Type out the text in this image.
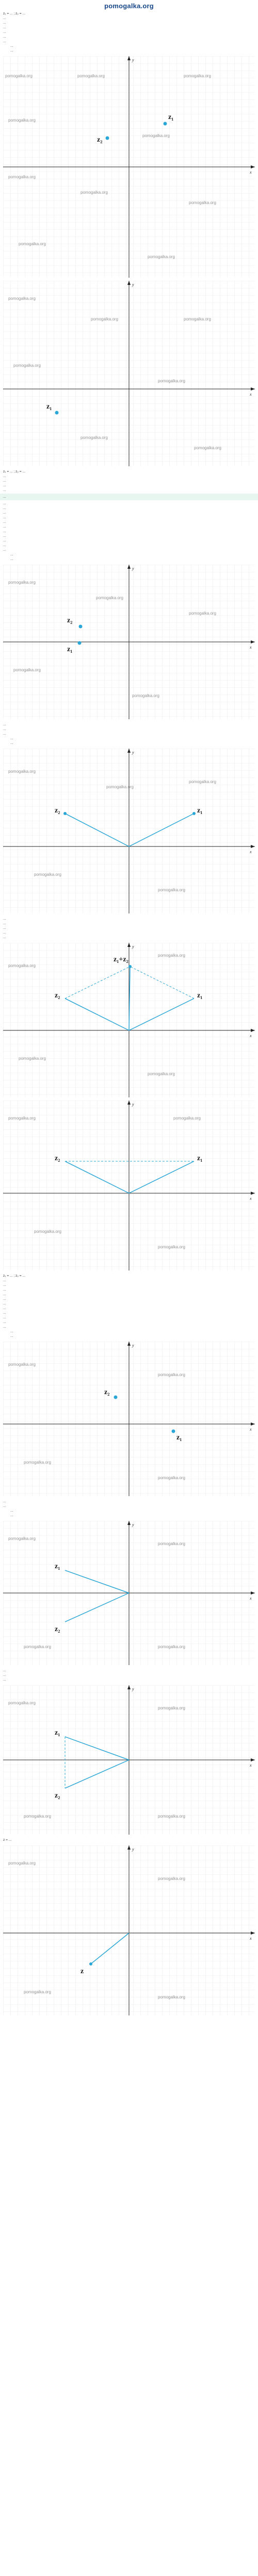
pomogalka.org

z₁ = ... ; z₂ = ...

...

...

...

...

...

...

...

...

x
y
z₂
z₁
pomogalka.org	pomogalka.org	pomogalka.org
pomogalka.org
pomogalka.org
pomogalka.org
pomogalka.org
pomogalka.org
pomogalka.org
pomogalka.org
x
y
z₁
pomogalka.org
pomogalka.org	pomogalka.org
pomogalka.org
pomogalka.org
pomogalka.org
pomogalka.org

z₁ = ... ; z₂ = ...

...

...

...

...

...

...

...

...

...

...

...

...

...

...

...

...

...

...

x
y
z₂
z₁
pomogalka.org
pomogalka.org
pomogalka.org
pomogalka.org
pomogalka.org

...

...

...

...

...

x
y
z₂	z₁
pomogalka.org
pomogalka.org
pomogalka.org
pomogalka.org
pomogalka.org

...

...

...

...

...

x
y
z₂	z₁
z₁+z₂
pomogalka.org
pomogalka.org
pomogalka.org
pomogalka.org
x
y
z₂	z₁
pomogalka.org	pomogalka.org
pomogalka.org
pomogalka.org

z₁ = ... ; z₂ = ...

...

...

...

...

...

...

...

...

...

...

...

...

...

x
y
z₂
z₁
pomogalka.org
pomogalka.org
pomogalka.org
pomogalka.org

...

...

...

...

x
y
z₁
z₂
pomogalka.org
pomogalka.org
pomogalka.org	pomogalka.org

...

...

...

x
y
z₁
z₂
pomogalka.org
pomogalka.org
pomogalka.org	pomogalka.org

z = ...

x
y
z
pomogalka.org
pomogalka.org
pomogalka.org
pomogalka.org
